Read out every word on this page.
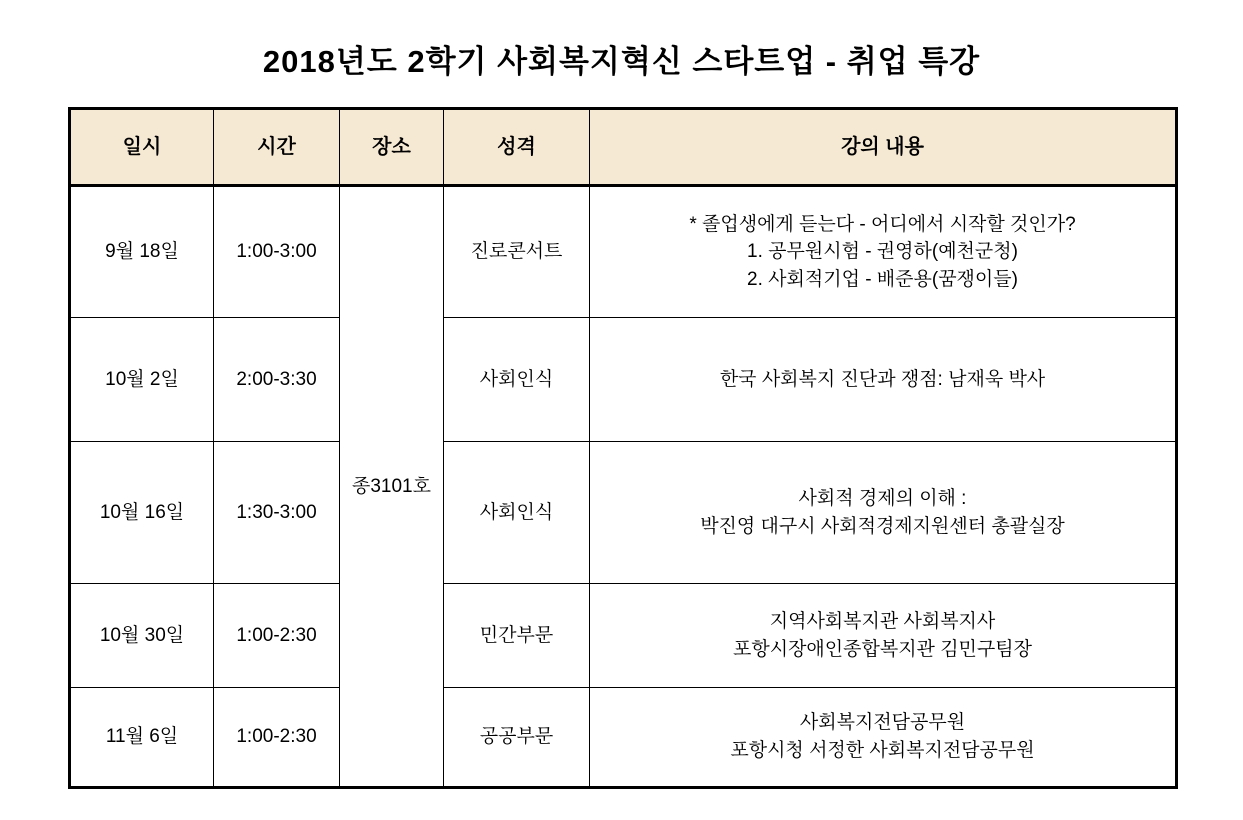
2018년도 2학기 사회복지혁신 스타트업 - 취업 특강
일시	시간	장소	성격	강의 내용
9월 18일	1:00-3:00	종3101호	진로콘서트	* 졸업생에게 듣는다 - 어디에서 시작할 것인가?
1. 공무원시험 - 권영하(예천군청)
2. 사회적기업 - 배준용(꿈쟁이들)

10월 2일	2:00-3:30		사회인식	한국 사회복지 진단과 쟁점: 남재욱 박사

10월 16일	1:30-3:00		사회인식	사회적 경제의 이해 :
박진영 대구시 사회적경제지원센터 총괄실장

10월 30일	1:00-2:30		민간부문	지역사회복지관 사회복지사
포항시장애인종합복지관 김민구팀장

11월 6일	1:00-2:30		공공부문	사회복지전담공무원
포항시청 서정한 사회복지전담공무원
